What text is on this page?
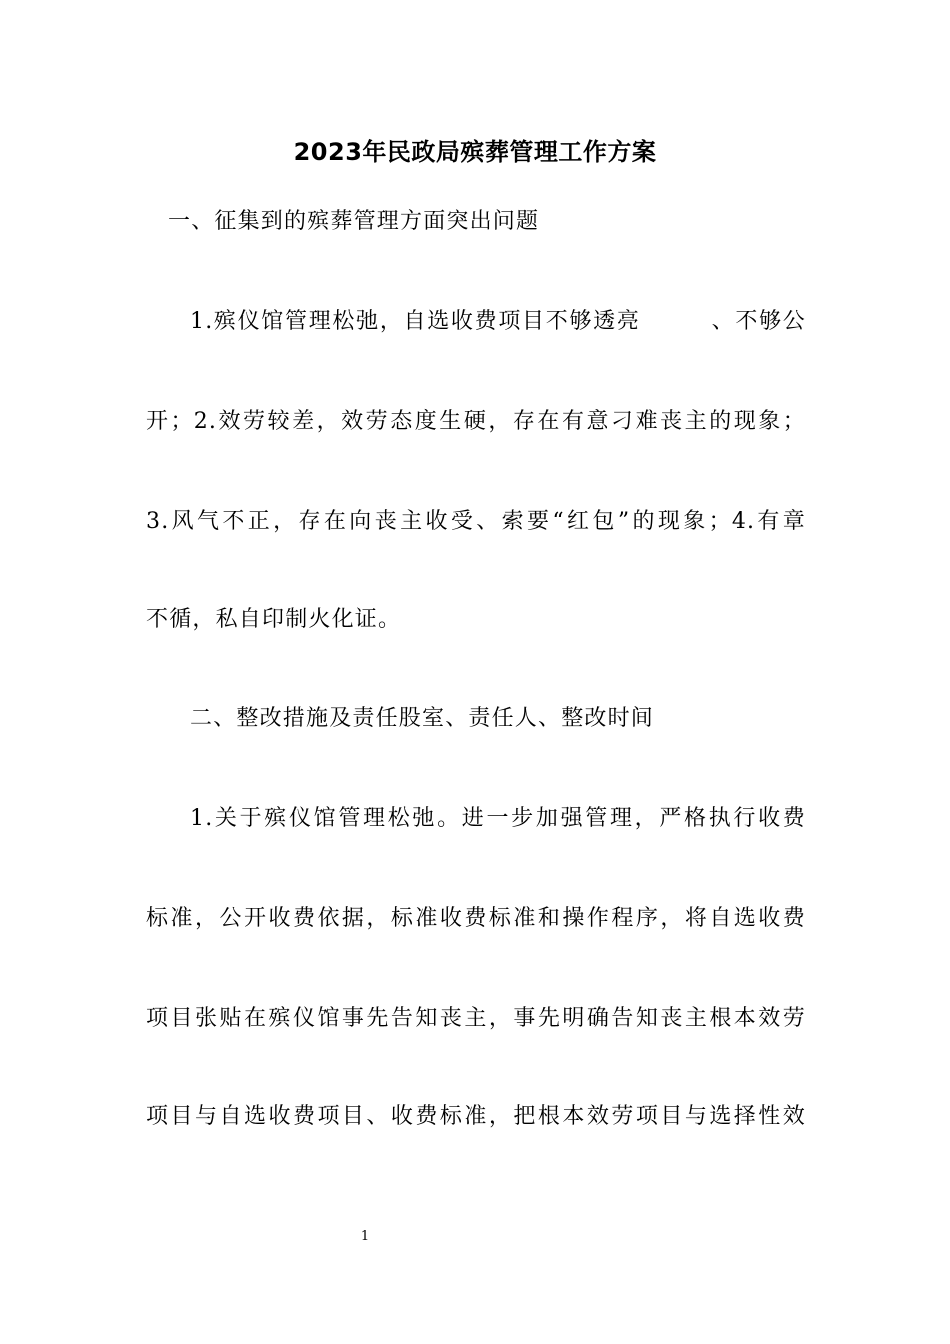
2023年民政局殡葬管理工作方案
一、征集到的殡葬管理方面突出问题
1.殡仪馆管理松弛，自选收费项目不够透亮　　　、不够公
开；2.效劳较差，效劳态度生硬，存在有意刁难丧主的现象；
3.风气不正，存在向丧主收受、索要“红包”的现象；4.有章
不循，私自印制火化证。
二、整改措施及责任股室、责任人、整改时间
1.关于殡仪馆管理松弛。进一步加强管理，严格执行收费
标准，公开收费依据，标准收费标准和操作程序，将自选收费
项目张贴在殡仪馆事先告知丧主，事先明确告知丧主根本效劳
项目与自选收费项目、收费标准，把根本效劳项目与选择性效
1
